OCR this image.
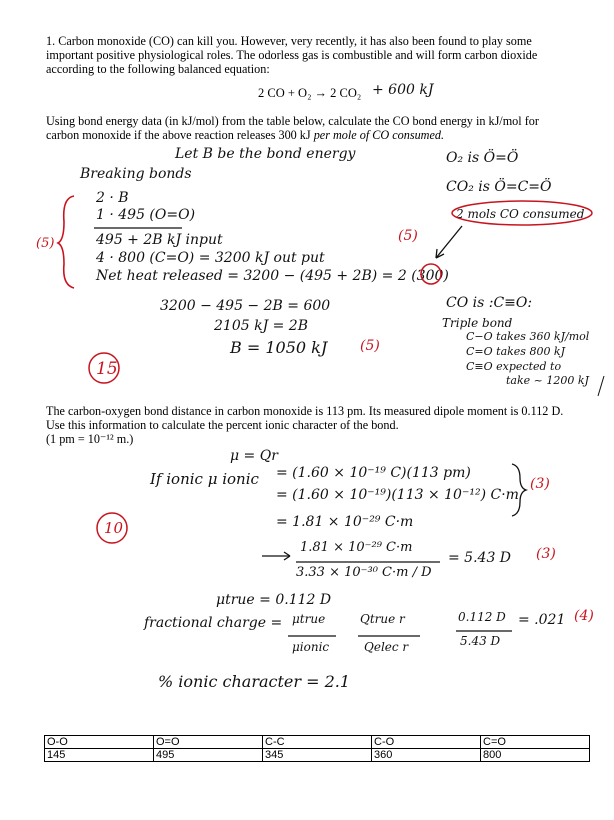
1. Carbon monoxide (CO) can kill you. However, very recently, it has also been found to play some important positive physiological roles. The odorless gas is combustible and will form carbon dioxide according to the following balanced equation:

2 CO + O₂ → 2 CO₂ + 600 kJ

Using bond energy data (in kJ/mol) from the table below, calculate the CO bond energy in kJ/mol for carbon monoxide if the above reaction releases 300 kJ per mole of CO consumed.

Let B be the bond energy
Breaking bonds
2 · B
1 · 495 (O=O)
495 + 2B kJ input
4 · 800 (C=O) = 3200 kJ out put
Net heat released = 3200 − (495 + 2B) = 2 (300)
3200 − 495 − 2B = 600
2105 kJ = 2B
B = 1050 kJ
(5)
(5)
(5)
15
O₂ is Ö=Ö
CO₂ is Ö=C=Ö
2 mols CO consumed
CO is :C≡O:
Triple bond
C−O takes 360 kJ/mol
C=O takes 800 kJ
C≡O expected to
take ~ 1200 kJ

The carbon-oxygen bond distance in carbon monoxide is 113 pm. Its measured dipole moment is 0.112 D. Use this information to calculate the percent ionic character of the bond.

(1 pm = 10⁻¹² m.)

μ = Qr
If ionic μ ionic = (1.60 × 10⁻¹⁹ C)(113 pm)
= (1.60 × 10⁻¹⁹)(113 × 10⁻¹²) C·m
= 1.81 × 10⁻²⁹ C·m
(3)
10
1.81 × 10⁻²⁹ C·m
3.33 × 10⁻³⁰ C·m / D
= 5.43 D (3)
μtrue = 0.112 D
fractional charge = μtrue
μionic
Qtrue r
Qelec r
0.112 D
5.43 D
= .021 (4)
% ionic character = 2.1
O-O	O=O	C-C	C-O	C=O
145	495	345	360	800
